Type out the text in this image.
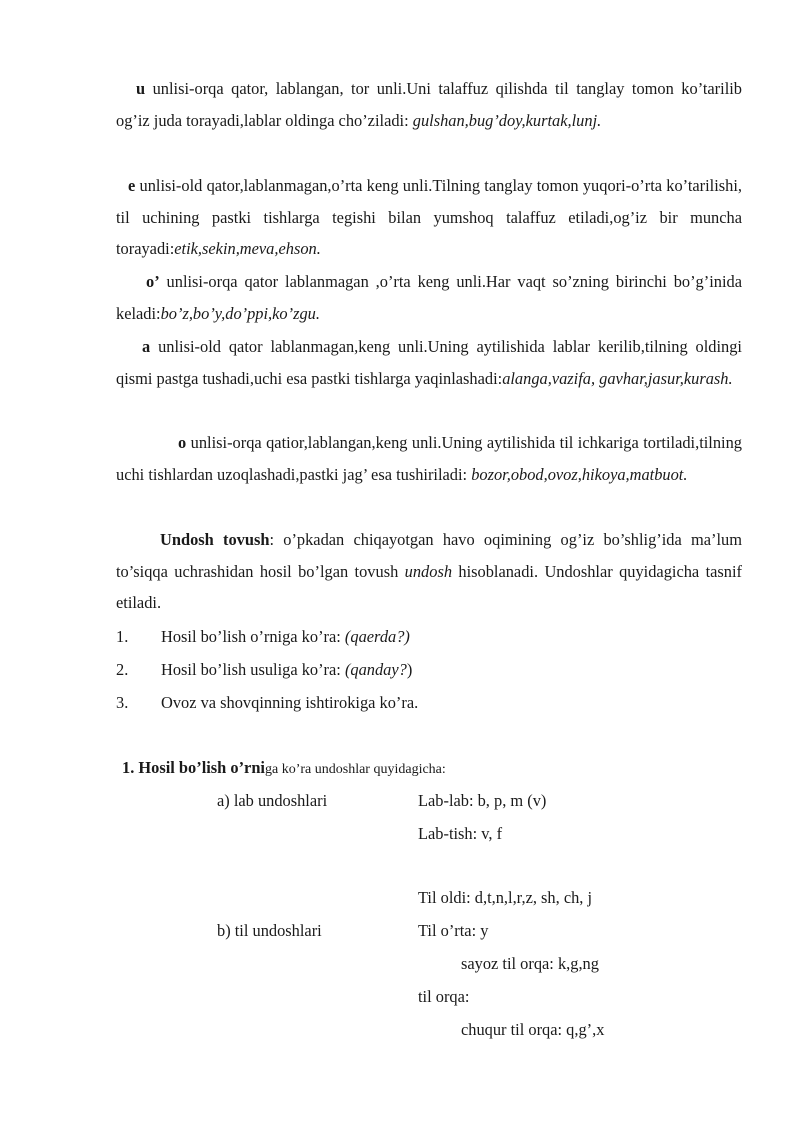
u unlisi-orqa qator, lablangan, tor unli.Uni talaffuz qilishda til tanglay tomon ko’tarilib og’iz juda torayadi,lablar oldinga cho’ziladi: gulshan,bug’doy,kurtak,lunj.

e unlisi-old qator,lablanmagan,o’rta keng unli.Tilning tanglay tomon yuqori-o’rta ko’tarilishi, til uchining pastki tishlarga tegishi bilan yumshoq talaffuz etiladi,og’iz bir muncha torayadi:etik,sekin,meva,ehson.

o’ unlisi-orqa qator lablanmagan ,o’rta keng unli.Har vaqt so’zning birinchi bo’g’inida keladi:bo’z,bo’y,do’ppi,ko’zgu.

a unlisi-old qator lablanmagan,keng unli.Uning aytilishida lablar kerilib,tilning oldingi qismi pastga tushadi,uchi esa pastki tishlarga yaqinlashadi:alanga,vazifa, gavhar,jasur,kurash.

o unlisi-orqa qatior,lablangan,keng unli.Uning aytilishida til ichkariga tortiladi,tilning uchi tishlardan uzoqlashadi,pastki jag’ esa tushiriladi: bozor,obod,ovoz,hikoya,matbuot.

Undosh tovush: o’pkadan chiqayotgan havo oqimining og’iz bo’shlig’ida ma’lum to’siqqa uchrashidan hosil bo’lgan tovush undosh hisoblanadi. Undoshlar quyidagicha tasnif etiladi.

1. Hosil bo’lish o’rniga ko’ra: (qaerda?)
2. Hosil bo’lish usuliga ko’ra: (qanday?)
3. Ovoz va shovqinning ishtirokiga ko’ra.
1. Hosil bo’lish o’rniga ko’ra undoshlar quyidagicha:
a) lab undoshlari	Lab-lab: b, p, m (v)
Lab-tish: v, f
Til oldi: d,t,n,l,r,z, sh, ch, j
b) til undoshlari	Til o’rta: y
sayoz til orqa: k,g,ng
til orqa:
chuqur til orqa: q,g’,x
